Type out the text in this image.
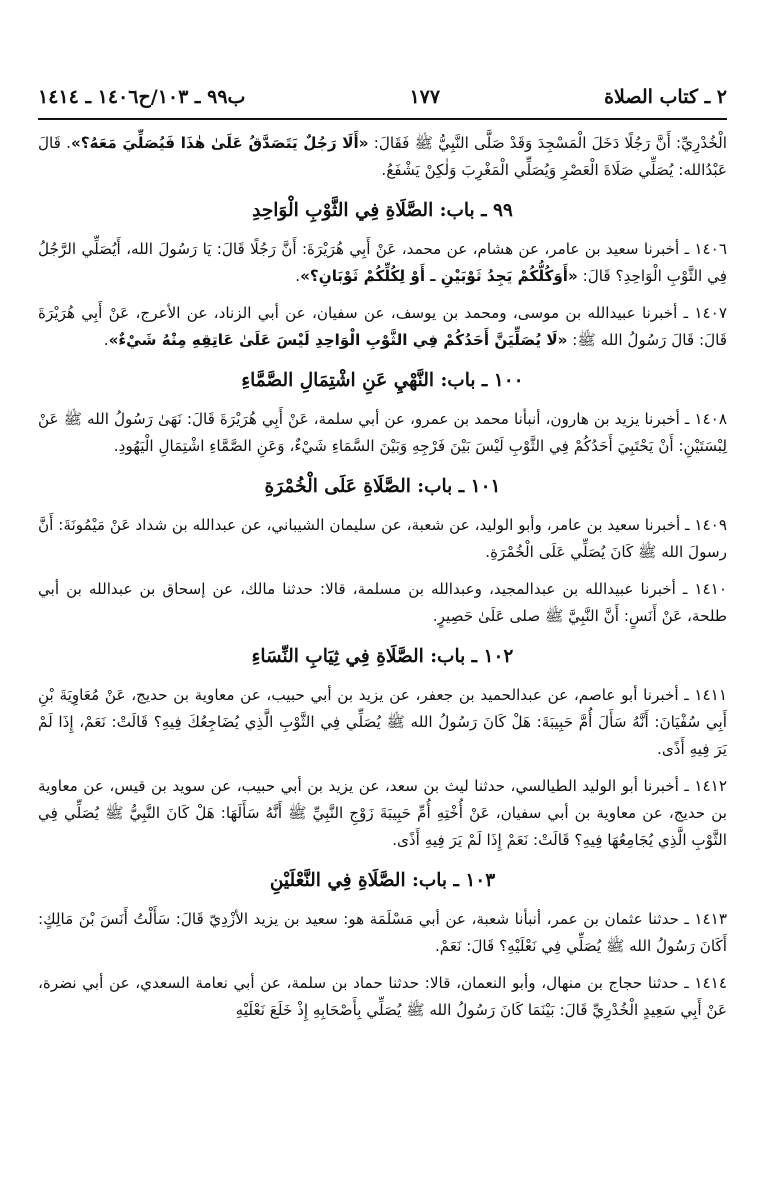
٢ ـ كتاب الصلاة
١٧٧
ب٩٩ ـ ١٠٣/ح١٤٠٦ ـ ١٤١٤

الْخُدْرِيِّ: أَنَّ رَجُلًا دَخَلَ الْمَسْجِدَ وَقَدْ صَلَّى النَّبِيُّ ﷺ فَقَالَ: «أَلَا رَجُلٌ يَتَصَدَّقُ عَلَىٰ هٰذَا فَيُصَلِّيَ مَعَهُ؟». قَالَ عَبْدُالله: يُصَلِّي صَلَاةَ الْعَصْرِ وَيُصَلِّي الْمَغْرِبَ وَلٰكِنْ يَشْفَعُ.

٩٩ ـ باب: الصَّلَاةِ فِي الثَّوْبِ الْوَاحِدِ

١٤٠٦ ـ أخبرنا سعيد بن عامر، عن هشام، عن محمد، عَنْ أَبِي هُرَيْرَةَ: أَنَّ رَجُلًا قَالَ: يَا رَسُولَ الله، أَيُصَلِّي الرَّجُلُ فِي الثَّوْبِ الْوَاحِدِ؟ قَالَ: «أَوَكُلُّكُمْ يَجِدُ ثَوْبَيْنِ ـ أَوْ لِكُلِّكُمْ ثَوْبَانِ؟».

١٤٠٧ ـ أخبرنا عبيدالله بن موسى، ومحمد بن يوسف، عن سفيان، عن أبي الزناد، عن الأعرج، عَنْ أَبِي هُرَيْرَةَ قَالَ: قَالَ رَسُولُ الله ﷺ: «لَا يُصَلِّيَنَّ أَحَدُكُمْ فِي الثَّوْبِ الْوَاحِدِ لَيْسَ عَلَىٰ عَاتِقِهِ مِنْهُ شَيْءٌ».

١٠٠ ـ باب: النَّهْيِ عَنِ اشْتِمَالِ الصَّمَّاءِ

١٤٠٨ ـ أخبرنا يزيد بن هارون، أنبأنا محمد بن عمرو، عن أبي سلمة، عَنْ أَبِي هُرَيْرَةَ قَالَ: نَهَىٰ رَسُولُ الله ﷺ عَنْ لِبْسَتَيْنِ: أَنْ يَحْتَبِيَ أَحَدُكُمْ فِي الثَّوْبِ لَيْسَ بَيْنَ فَرْجِهِ وَبَيْنَ السَّمَاءِ شَيْءٌ، وَعَنِ الصَّمَّاءِ اشْتِمَالِ الْيَهُودِ.

١٠١ ـ باب: الصَّلَاةِ عَلَى الْخُمْرَةِ

١٤٠٩ ـ أخبرنا سعيد بن عامر، وأبو الوليد، عن شعبة، عن سليمان الشيباني، عن عبدالله بن شداد عَنْ مَيْمُونَةَ: أَنَّ رسولَ الله ﷺ كَانَ يُصَلِّي عَلَى الْخُمْرَةِ.

١٤١٠ ـ أخبرنا عبيدالله بن عبدالمجيد، وعبدالله بن مسلمة، قالا: حدثنا مالك، عن إسحاق بن عبدالله بن أبي طلحة، عَنْ أَنَسٍ: أَنَّ النَّبِيَّ ﷺ صلى عَلَىٰ حَصِيرٍ.

١٠٢ ـ باب: الصَّلَاةِ فِي ثِيَابِ النِّسَاءِ

١٤١١ ـ أخبرنا أبو عاصم، عن عبدالحميد بن جعفر، عن يزيد بن أبي حبيب، عن معاوية بن حديج، عَنْ مُعَاوِيَةَ بْنِ أَبِي سُفْيَانَ: أَنَّهُ سَأَلَ أُمَّ حَبِيبَةَ: هَلْ كَانَ رَسُولُ الله ﷺ يُصَلِّي فِي الثَّوْبِ الَّذِي يُضَاجِعُكَ فِيهِ؟ قَالَتْ: نَعَمْ، إِذَا لَمْ يَرَ فِيهِ أَذًى.

١٤١٢ ـ أخبرنا أبو الوليد الطيالسي، حدثنا ليث بن سعد، عن يزيد بن أبي حبيب، عن سويد بن قيس، عن معاوية بن حديج، عن معاوية بن أبي سفيان، عَنْ أُخْتِهِ أُمِّ حَبِيبَةَ زَوْجِ النَّبِيِّ ﷺ أَنَّهُ سَأَلَهَا: هَلْ كَانَ النَّبِيُّ ﷺ يُصَلِّي فِي الثَّوْبِ الَّذِي يُجَامِعُهَا فِيهِ؟ قَالَتْ: نَعَمْ إِذَا لَمْ يَرَ فِيهِ أَذًى.

١٠٣ ـ باب: الصَّلَاةِ فِي النَّعْلَيْنِ

١٤١٣ ـ حدثنا عثمان بن عمر، أنبأنا شعبة، عن أبي مَسْلَمَة هو: سعيد بن يزيد الأزْدِيّ قَالَ: سَأَلْتُ أَنَسَ بْنَ مَالِكٍ: أَكَانَ رَسُولُ الله ﷺ يُصَلِّي فِي نَعْلَيْهِ؟ قَالَ: نَعَمْ.

١٤١٤ ـ حدثنا حجاج بن منهال، وأبو النعمان، قالا: حدثنا حماد بن سلمة، عن أبي نعامة السعدي، عن أبي نضرة، عَنْ أَبِي سَعِيدٍ الْخُدْرِيِّ قَالَ: بَيْنَمَا كَانَ رَسُولُ الله ﷺ يُصَلِّي بِأَصْحَابِهِ إِذْ خَلَعَ نَعْلَيْهِ
